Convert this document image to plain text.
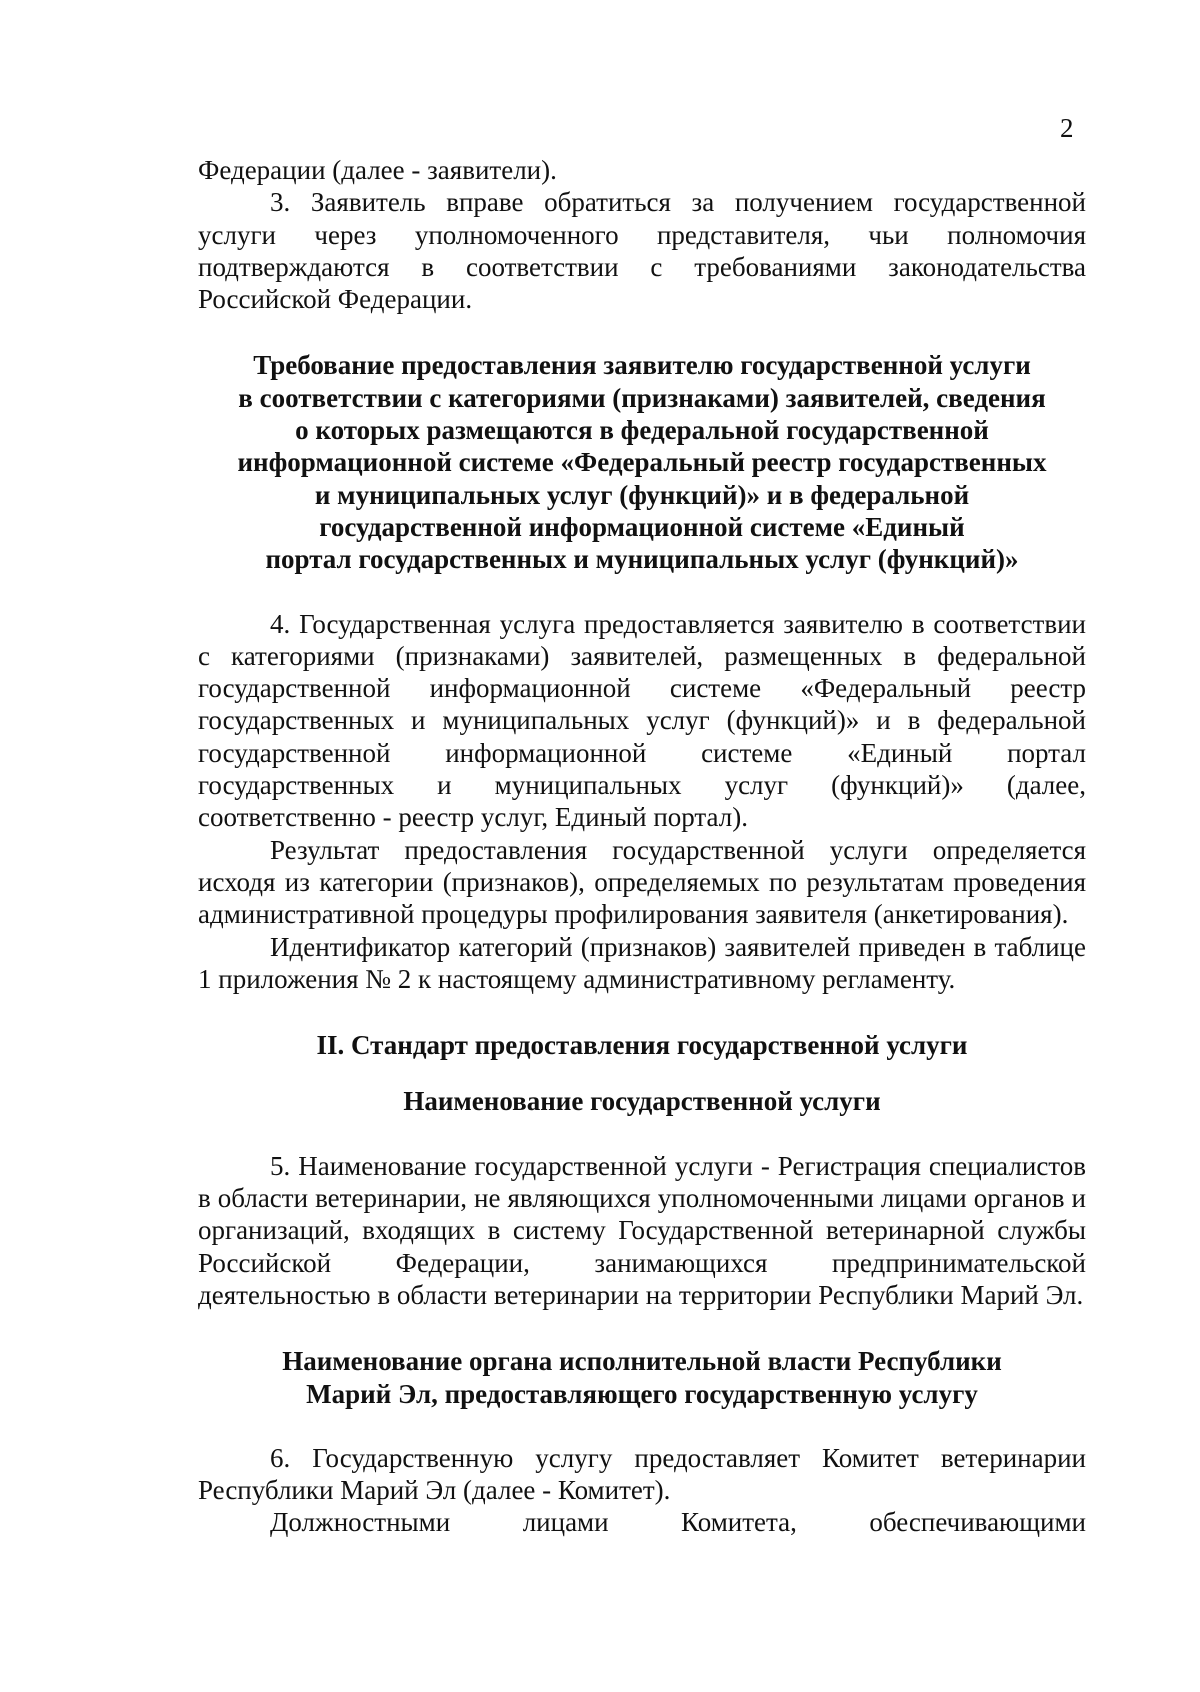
2

Федерации (далее - заявители).

3. Заявитель вправе обратиться за получением государственной услуги через уполномоченного представителя, чьи полномочия подтверждаются в соответствии с требованиями законодательства Российской Федерации.

Требование предоставления заявителю государственной услуги
в соответствии с категориями (признаками) заявителей, сведения
о которых размещаются в федеральной государственной
информационной системе «Федеральный реестр государственных
и муниципальных услуг (функций)» и в федеральной
государственной информационной системе «Единый
портал государственных и муниципальных услуг (функций)»

4. Государственная услуга предоставляется заявителю в соответствии с категориями (признаками) заявителей, размещенных в федеральной государственной информационной системе «Федеральный реестр государственных и муниципальных услуг (функций)» и в федеральной государственной информационной системе «Единый портал государственных и муниципальных услуг (функций)» (далее, соответственно - реестр услуг, Единый портал).

Результат предоставления государственной услуги определяется исходя из категории (признаков), определяемых по результатам проведения административной процедуры профилирования заявителя (анкетирования).

Идентификатор категорий (признаков) заявителей приведен в таблице 1 приложения № 2 к настоящему административному регламенту.

II. Стандарт предоставления государственной услуги
Наименование государственной услуги

5. Наименование государственной услуги - Регистрация специалистов в области ветеринарии, не являющихся уполномоченными лицами органов и организаций, входящих в систему Государственной ветеринарной службы Российской Федерации, занимающихся предпринимательской деятельностью в области ветеринарии на территории Республики Марий Эл.

Наименование органа исполнительной власти Республики
Марий Эл, предоставляющего государственную услугу

6. Государственную услугу предоставляет Комитет ветеринарии Республики Марий Эл (далее - Комитет).

Должностными лицами Комитета, обеспечивающими
